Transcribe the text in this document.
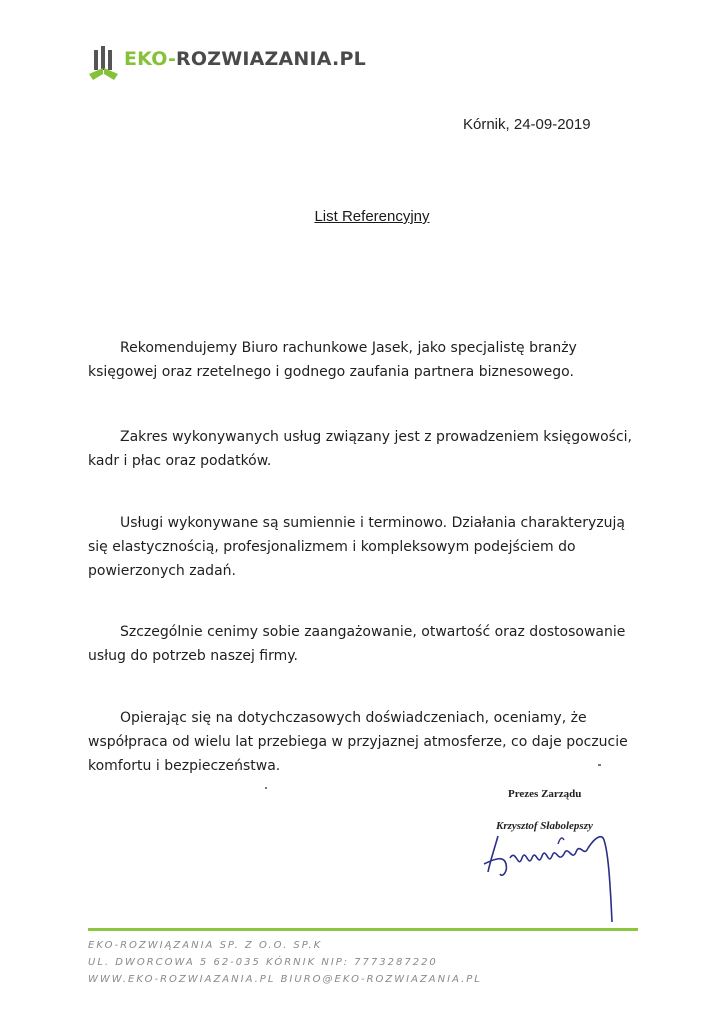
EKO-ROZWIAZANIA.PL
Kórnik, 24-09-2019
List Referencyjny
Rekomendujemy Biuro rachunkowe Jasek, jako specjalistę branży księgowej oraz rzetelnego i godnego zaufania partnera biznesowego.
Zakres wykonywanych usług związany jest z prowadzeniem księgowości, kadr i płac oraz podatków.
Usługi wykonywane są sumiennie i terminowo. Działania charakteryzują się elastycznością, profesjonalizmem i kompleksowym podejściem do powierzonych zadań.
Szczególnie cenimy sobie zaangażowanie, otwartość oraz dostosowanie usług do potrzeb naszej firmy.
Opierając się na dotychczasowych doświadczeniach, oceniamy, że współpraca od wielu lat przebiega w przyjaznej atmosferze, co daje poczucie komfortu i bezpieczeństwa.
Prezes Zarządu
Krzysztof Słabolepszy
EKO-ROZWIĄZANIA SP. Z O.O. SP.K
UL. DWORCOWA 5 62-035 KÓRNIK NIP: 7773287220
WWW.EKO-ROZWIAZANIA.PL BIURO@EKO-ROZWIAZANIA.PL
